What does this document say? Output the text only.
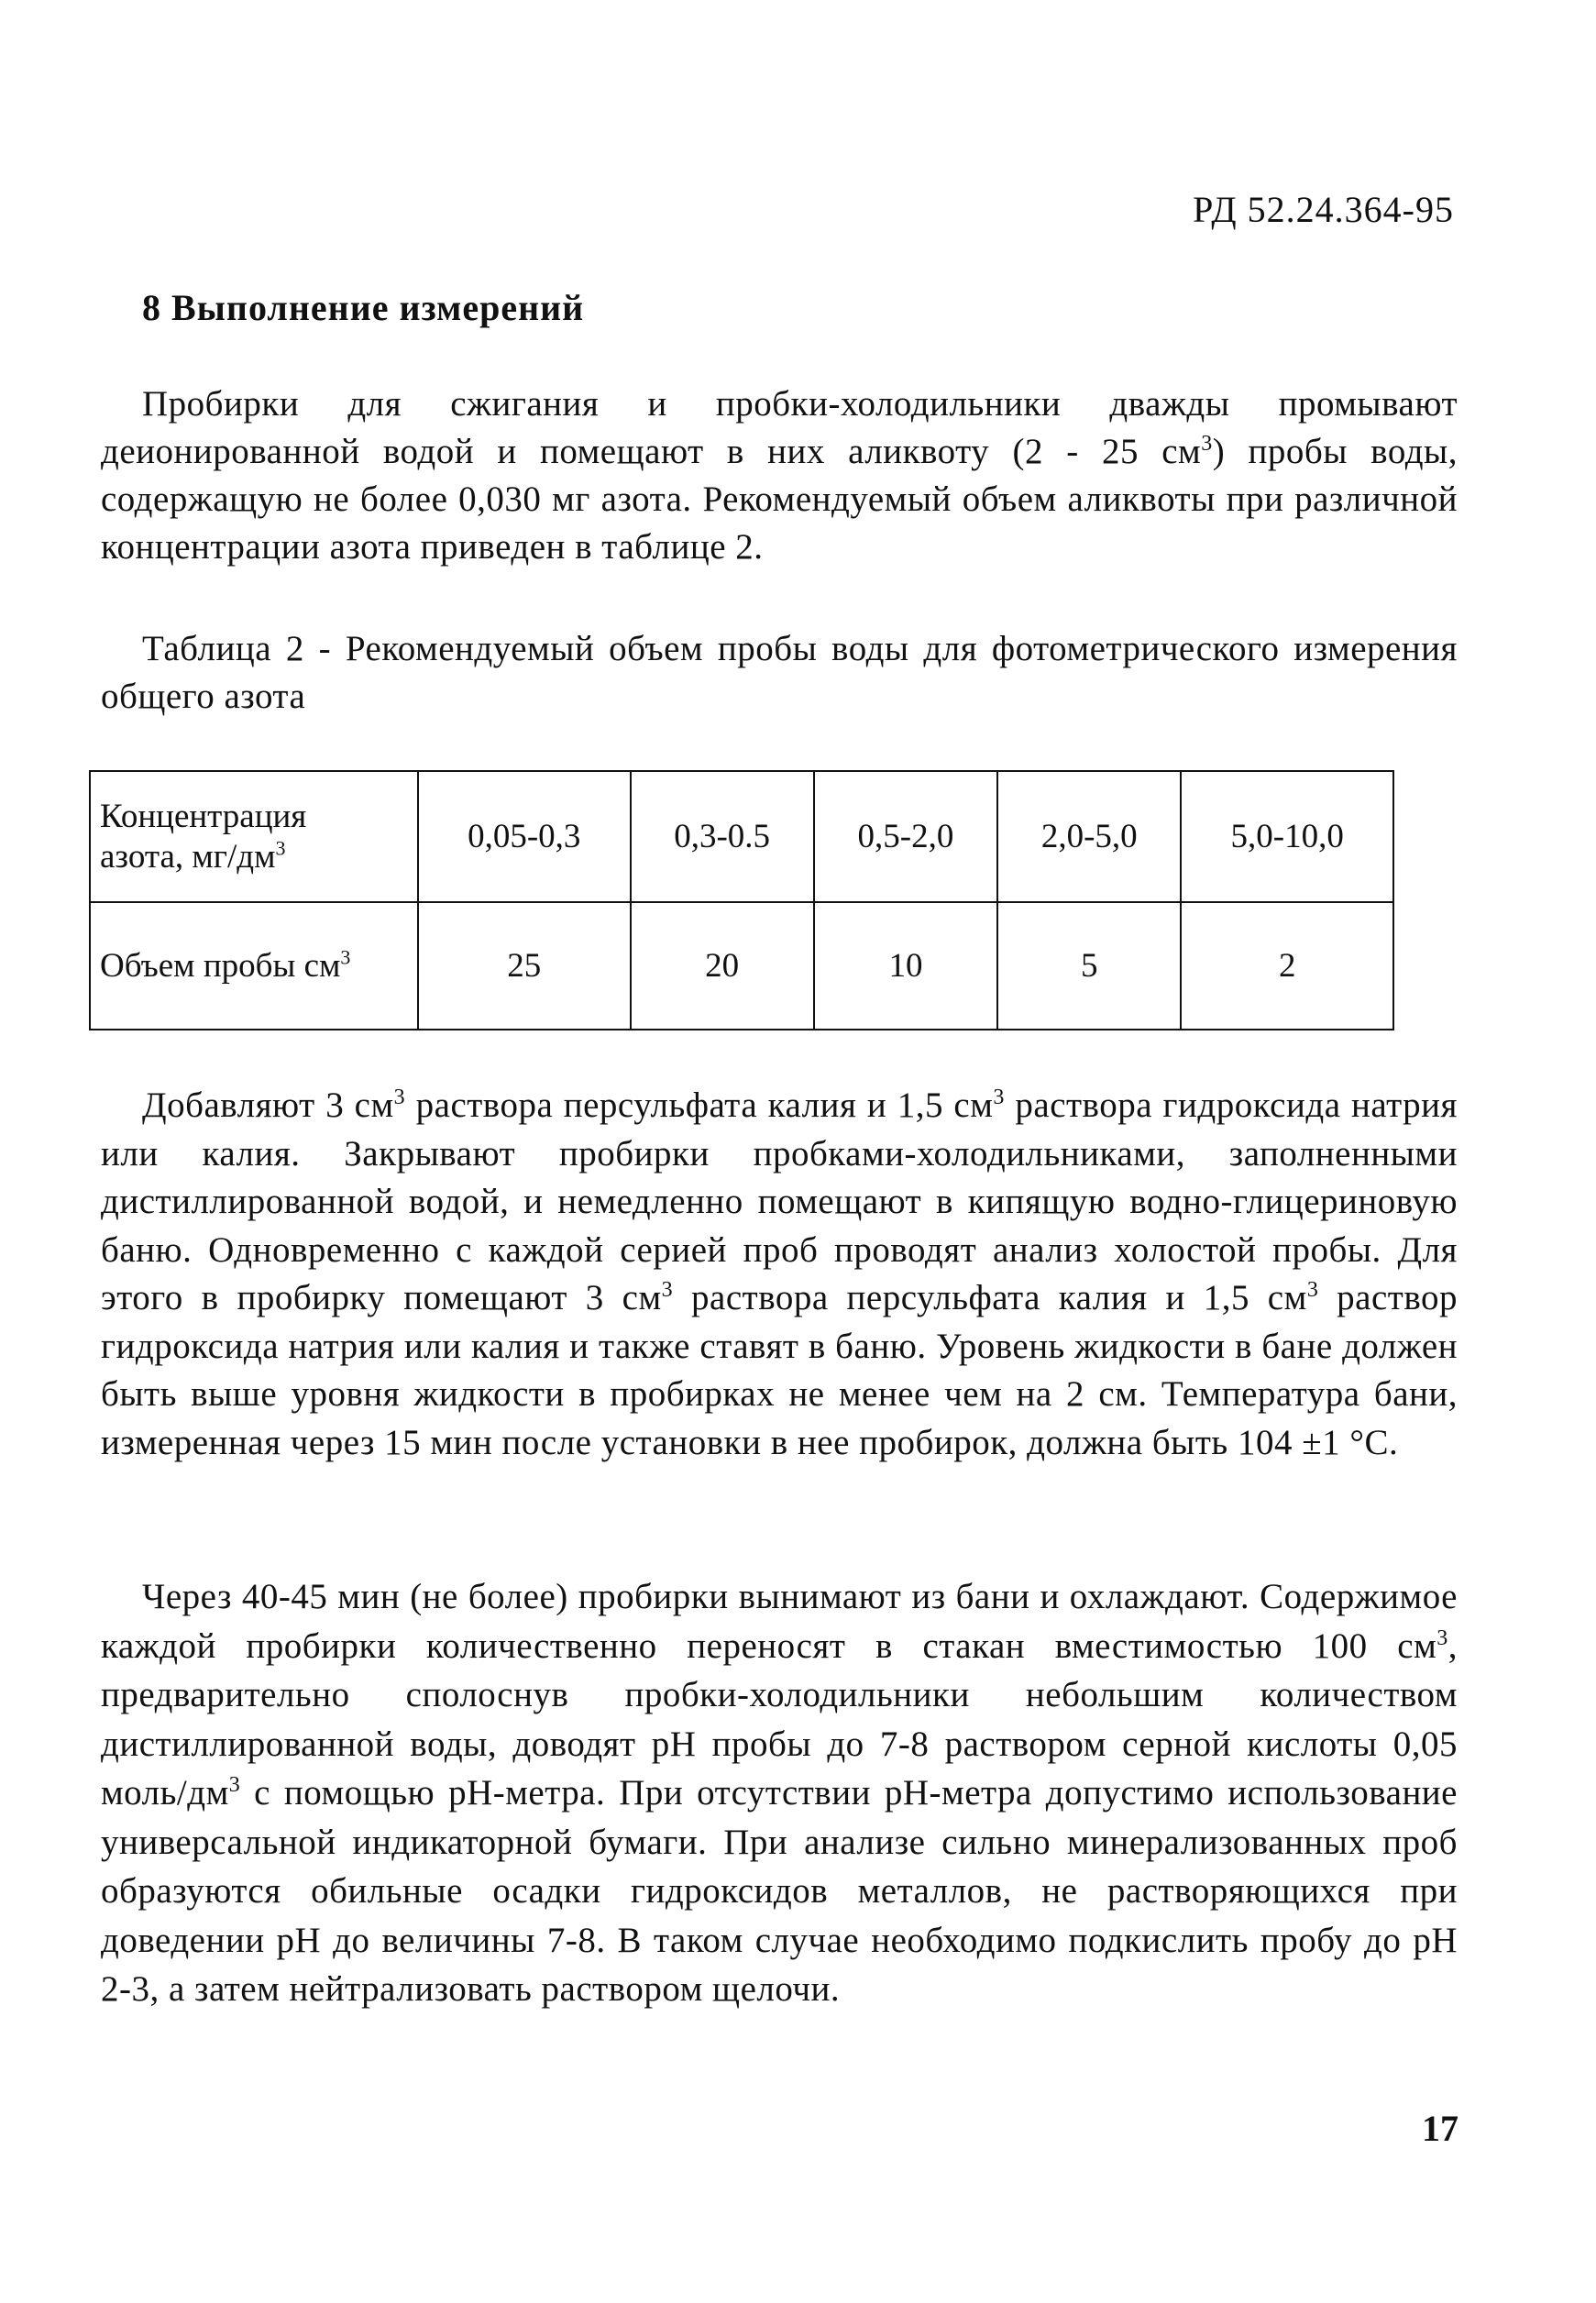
РД 52.24.364-95
8 Выполнение измерений
Пробирки для сжигания и пробки-холодильники дважды промывают деионированной водой и помещают в них аликвоту (2 - 25 $см^3$) пробы воды, содержащую не более 0,030 мг азота. Рекомендуемый объем аликвоты при различной концентрации азота приведен в таблице 2.
Таблица 2 - Рекомендуемый объем пробы воды для фотометрического измерения общего азота
Концентрация
азота, $мг/дм^3$	0,05-0,3	0,3-0.5	0,5-2,0	2,0-5,0	5,0-10,0
Объем пробы $см^3$	25	20	10	5	2
Добавляют 3 $см^3$ раствора персульфата калия и 1,5 $см^3$ раствора гидроксида натрия или калия. Закрывают пробирки пробками-холодильниками, заполненными дистиллированной водой, и немедленно помещают в кипящую водно-глицериновую баню. Одновременно с каждой серией проб проводят анализ холостой пробы. Для этого в пробирку помещают 3 $см^3$ раствора персульфата калия и 1,5 $см^3$ раствор гидроксида натрия или калия и также ставят в баню. Уровень жидкости в бане должен быть выше уровня жидкости в пробирках не менее чем на 2 см. Температура бани, измеренная через 15 мин после установки в нее пробирок, должна быть 104 ±1 °С.
Через 40-45 мин (не более) пробирки вынимают из бани и охлаждают. Содержимое каждой пробирки количественно переносят в стакан вместимостью 100 $см^3$, предварительно сполоснув пробки-холодильники небольшим количеством дистиллированной воды, доводят pH пробы до 7-8 раствором серной кислоты 0,05 моль/$дм^3$ с помощью pH-метра. При отсутствии pH-метра допустимо использование универсальной индикаторной бумаги. При анализе сильно минерализованных проб образуются обильные осадки гидроксидов металлов, не растворяющихся при доведении pH до величины 7-8. В таком случае необходимо подкислить пробу до pH 2-3, а затем нейтрализовать раствором щелочи.
17
